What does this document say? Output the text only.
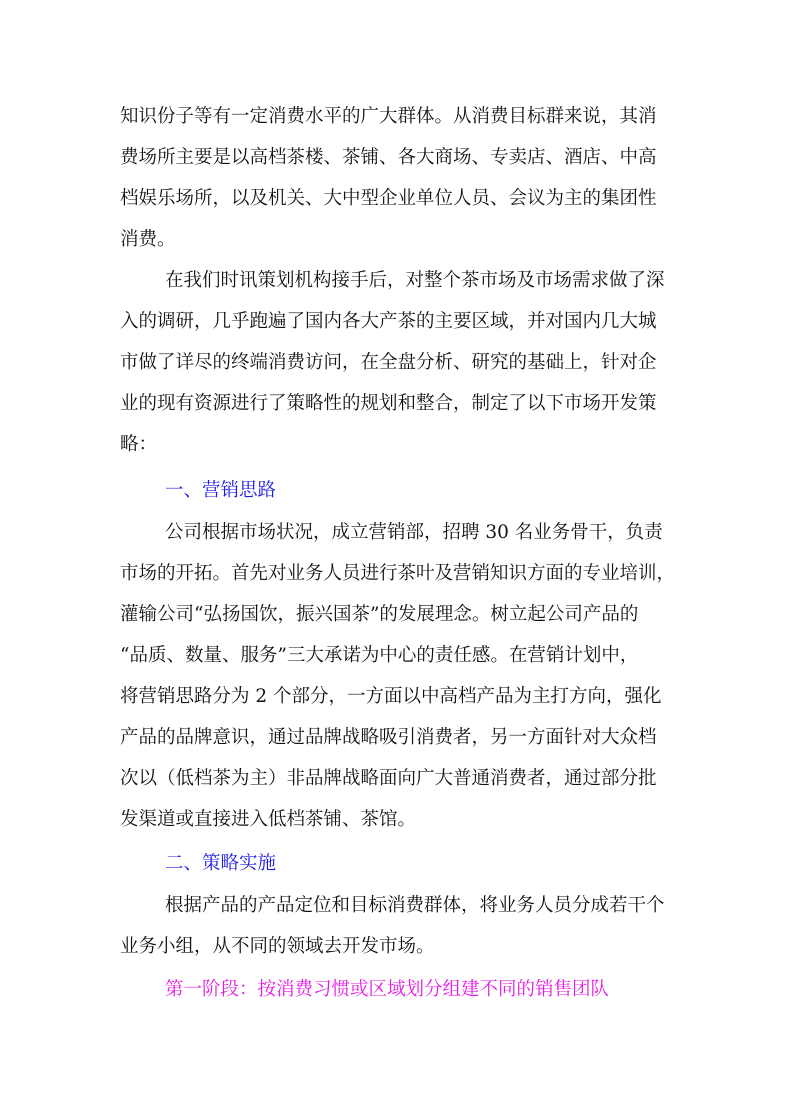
知识份子等有一定消费水平的广大群体。从消费目标群来说，其消
费场所主要是以高档茶楼、茶铺、各大商场、专卖店、酒店、中高
档娱乐场所，以及机关、大中型企业单位人员、会议为主的集团性
消费。
在我们时讯策划机构接手后，对整个茶市场及市场需求做了深
入的调研，几乎跑遍了国内各大产茶的主要区域，并对国内几大城
市做了详尽的终端消费访问，在全盘分析、研究的基础上，针对企
业的现有资源进行了策略性的规划和整合，制定了以下市场开发策
略：
一、营销思路
公司根据市场状况，成立营销部，招聘 30 名业务骨干，负责
市场的开拓。首先对业务人员进行茶叶及营销知识方面的专业培训，
灌输公司“弘扬国饮，振兴国茶”的发展理念。树立起公司产品的
“品质、数量、服务”三大承诺为中心的责任感。在营销计划中，
将营销思路分为 2 个部分，一方面以中高档产品为主打方向，强化
产品的品牌意识，通过品牌战略吸引消费者，另一方面针对大众档
次以（低档茶为主）非品牌战略面向广大普通消费者，通过部分批
发渠道或直接进入低档茶铺、茶馆。
二、策略实施
根据产品的产品定位和目标消费群体，将业务人员分成若干个
业务小组，从不同的领域去开发市场。
第一阶段：按消费习惯或区域划分组建不同的销售团队
